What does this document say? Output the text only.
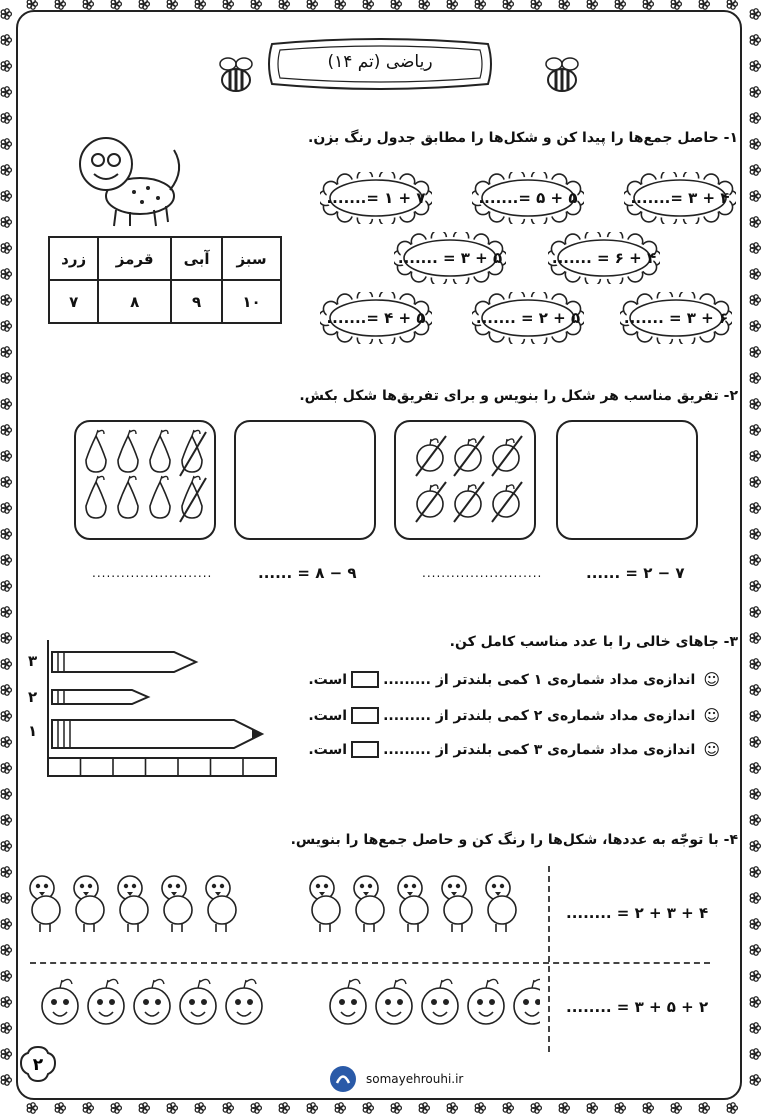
ریاضی (تم ۱۴)
۱- حاصل جمع‌ها را پیدا کن و شکل‌ها را مطابق جدول رنگ بزن.
سبز	آبی	قرمز	زرد
۱۰	۹	۸	۷
۷ + ۱ =.......	۵ + ۵ =.......	۴ + ۳ =.......
۵ + ۳ = .......	۴ + ۶ = .......
۵ + ۴ =.......	۵ + ۲ = .......	۶ + ۳ = .......
۲- تفریق مناسب هر شکل را بنویس و برای تفریق‌ها شکل بکش.
.........................	۹ − ۸ = ......	.........................	۷ − ۲ = ......
۳- جاهای خالی را با عدد مناسب کامل کن.
۳
۲
۱
☺
اندازه‌ی مداد شماره‌ی ۱ کمی بلندتر از .........
است.
☺
اندازه‌ی مداد شماره‌ی ۲ کمی بلندتر از .........
است.
☺
اندازه‌ی مداد شماره‌ی ۳ کمی بلندتر از .........
است.
۴- با توجّه به عددها، شکل‌ها را رنگ کن و حاصل جمع‌ها را بنویس.
۴ + ۳ + ۲ = ........
۲ + ۵ + ۳ = ........
۲
somayehrouhi.ir
